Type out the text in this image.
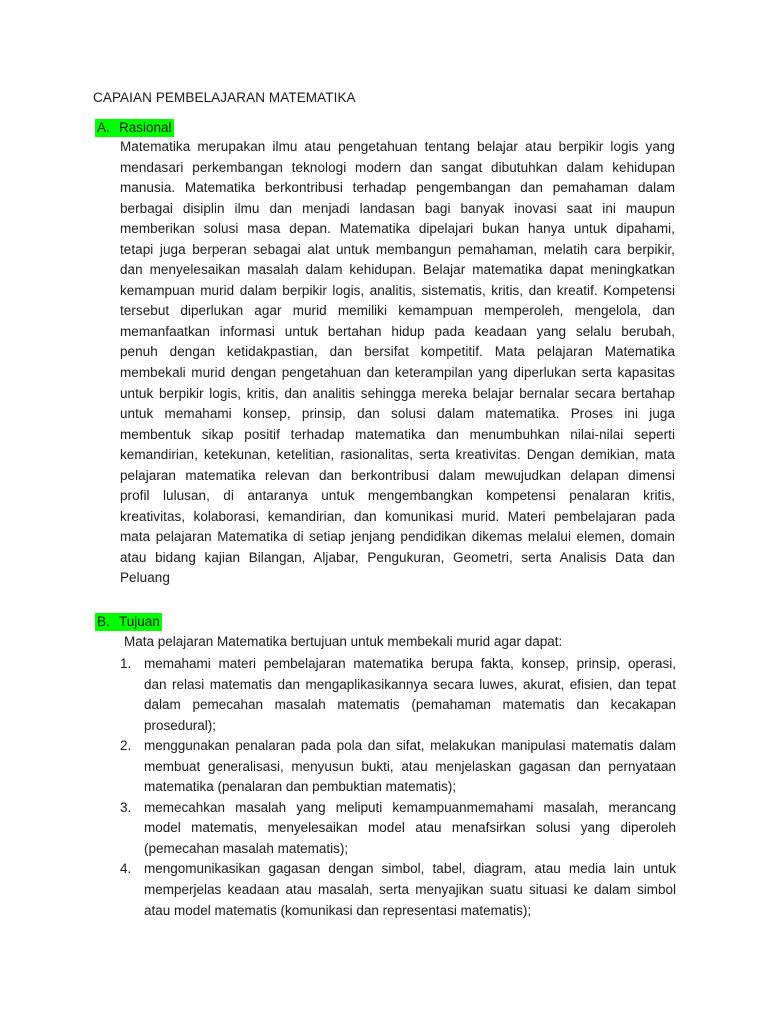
CAPAIAN PEMBELAJARAN MATEMATIKA
A. Rasional
Matematika merupakan ilmu atau pengetahuan tentang belajar atau berpikir logis yang
mendasari perkembangan teknologi modern dan sangat dibutuhkan dalam kehidupan
manusia. Matematika berkontribusi terhadap pengembangan dan pemahaman dalam
berbagai disiplin ilmu dan menjadi landasan bagi banyak inovasi saat ini maupun
memberikan solusi masa depan. Matematika dipelajari bukan hanya untuk dipahami,
tetapi juga berperan sebagai alat untuk membangun pemahaman, melatih cara berpikir,
dan menyelesaikan masalah dalam kehidupan. Belajar matematika dapat meningkatkan
kemampuan murid dalam berpikir logis, analitis, sistematis, kritis, dan kreatif. Kompetensi
tersebut diperlukan agar murid memiliki kemampuan memperoleh, mengelola, dan
memanfaatkan informasi untuk bertahan hidup pada keadaan yang selalu berubah,
penuh dengan ketidakpastian, dan bersifat kompetitif. Mata pelajaran Matematika
membekali murid dengan pengetahuan dan keterampilan yang diperlukan serta kapasitas
untuk berpikir logis, kritis, dan analitis sehingga mereka belajar bernalar secara bertahap
untuk memahami konsep, prinsip, dan solusi dalam matematika. Proses ini juga
membentuk sikap positif terhadap matematika dan menumbuhkan nilai-nilai seperti
kemandirian, ketekunan, ketelitian, rasionalitas, serta kreativitas. Dengan demikian, mata
pelajaran matematika relevan dan berkontribusi dalam mewujudkan delapan dimensi
profil lulusan, di antaranya untuk mengembangkan kompetensi penalaran kritis,
kreativitas, kolaborasi, kemandirian, dan komunikasi murid. Materi pembelajaran pada
mata pelajaran Matematika di setiap jenjang pendidikan dikemas melalui elemen, domain
atau bidang kajian Bilangan, Aljabar, Pengukuran, Geometri, serta Analisis Data dan
Peluang
B. Tujuan
Mata pelajaran Matematika bertujuan untuk membekali murid agar dapat:
1. memahami materi pembelajaran matematika berupa fakta, konsep, prinsip, operasi,
dan relasi matematis dan mengaplikasikannya secara luwes, akurat, efisien, dan tepat
dalam pemecahan masalah matematis (pemahaman matematis dan kecakapan
prosedural);
2. menggunakan penalaran pada pola dan sifat, melakukan manipulasi matematis dalam
membuat generalisasi, menyusun bukti, atau menjelaskan gagasan dan pernyataan
matematika (penalaran dan pembuktian matematis);
3. memecahkan masalah yang meliputi kemampuanmemahami masalah, merancang
model matematis, menyelesaikan model atau menafsirkan solusi yang diperoleh
(pemecahan masalah matematis);
4. mengomunikasikan gagasan dengan simbol, tabel, diagram, atau media lain untuk
memperjelas keadaan atau masalah, serta menyajikan suatu situasi ke dalam simbol
atau model matematis (komunikasi dan representasi matematis);
